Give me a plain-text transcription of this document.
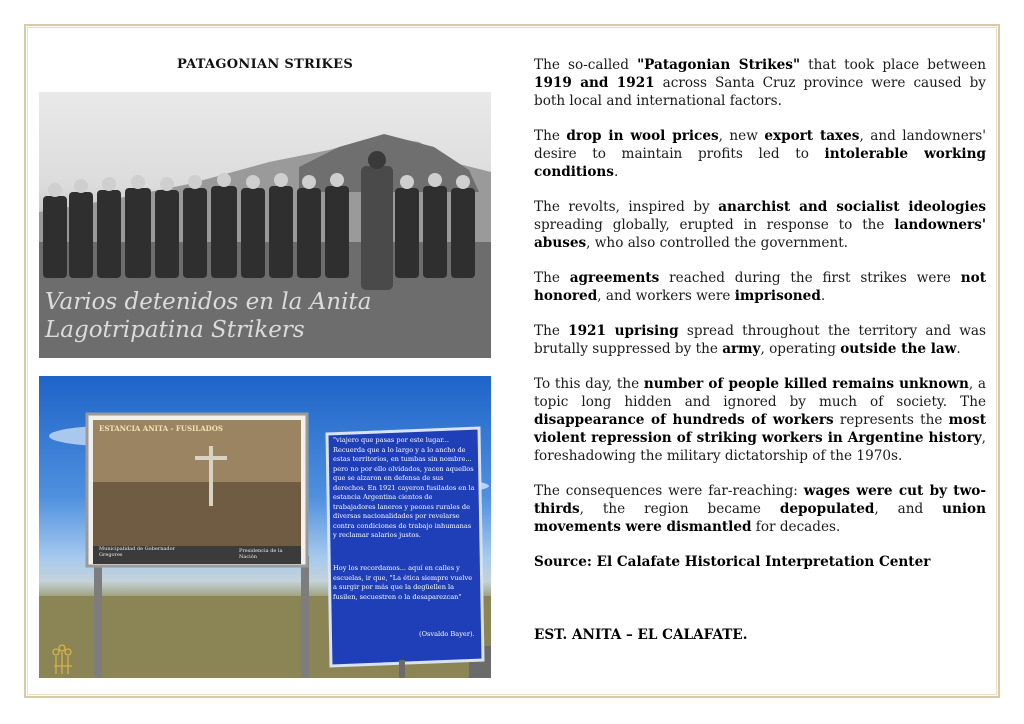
PATAGONIAN STRIKES
Varios detenidos en la Anita Lagotripatina Strikers
ESTANCIA ANITA - FUSILADOS
Municipalidad de Gobernador Gregores
Presidencia de la Nación
"viajero que pasas por este lugar... Recuerda que a lo largo y a lo ancho de estas territorios, en tumbas sin nombre... pero no por ello olvidados, yacen aquellos que se alzaron en defensa de sus derechos. En 1921 cayeron fusilados en la estancia Argentina cientos de trabajadores laneros y peones rurales de diversas nacionalidades por revelarse contra condiciones de trabajo inhumanas y reclamar salarios justos.
Hoy los recordamos... aquí en calles y escuelas, ir que, "La ética siempre vuelve a surgir por más que la degüellen la fusilen, secuestren o la desaparezcan"
(Osvaldo Bayer).

The so-called "Patagonian Strikes" that took place between 1919 and 1921 across Santa Cruz province were caused by both local and international factors.

The drop in wool prices, new export taxes, and landowners' desire to maintain profits led to intolerable working conditions.

The revolts, inspired by anarchist and socialist ideologies spreading globally, erupted in response to the landowners' abuses, who also controlled the government.

The agreements reached during the first strikes were not honored, and workers were imprisoned.

The 1921 uprising spread throughout the territory and was brutally suppressed by the army, operating outside the law.

To this day, the number of people killed remains unknown, a topic long hidden and ignored by much of society. The disappearance of hundreds of workers represents the most violent repression of striking workers in Argentine history, foreshadowing the military dictatorship of the 1970s.

The consequences were far-reaching: wages were cut by two-thirds, the region became depopulated, and union movements were dismantled for decades.

Source: El Calafate Historical Interpretation Center

EST. ANITA – EL CALAFATE.
